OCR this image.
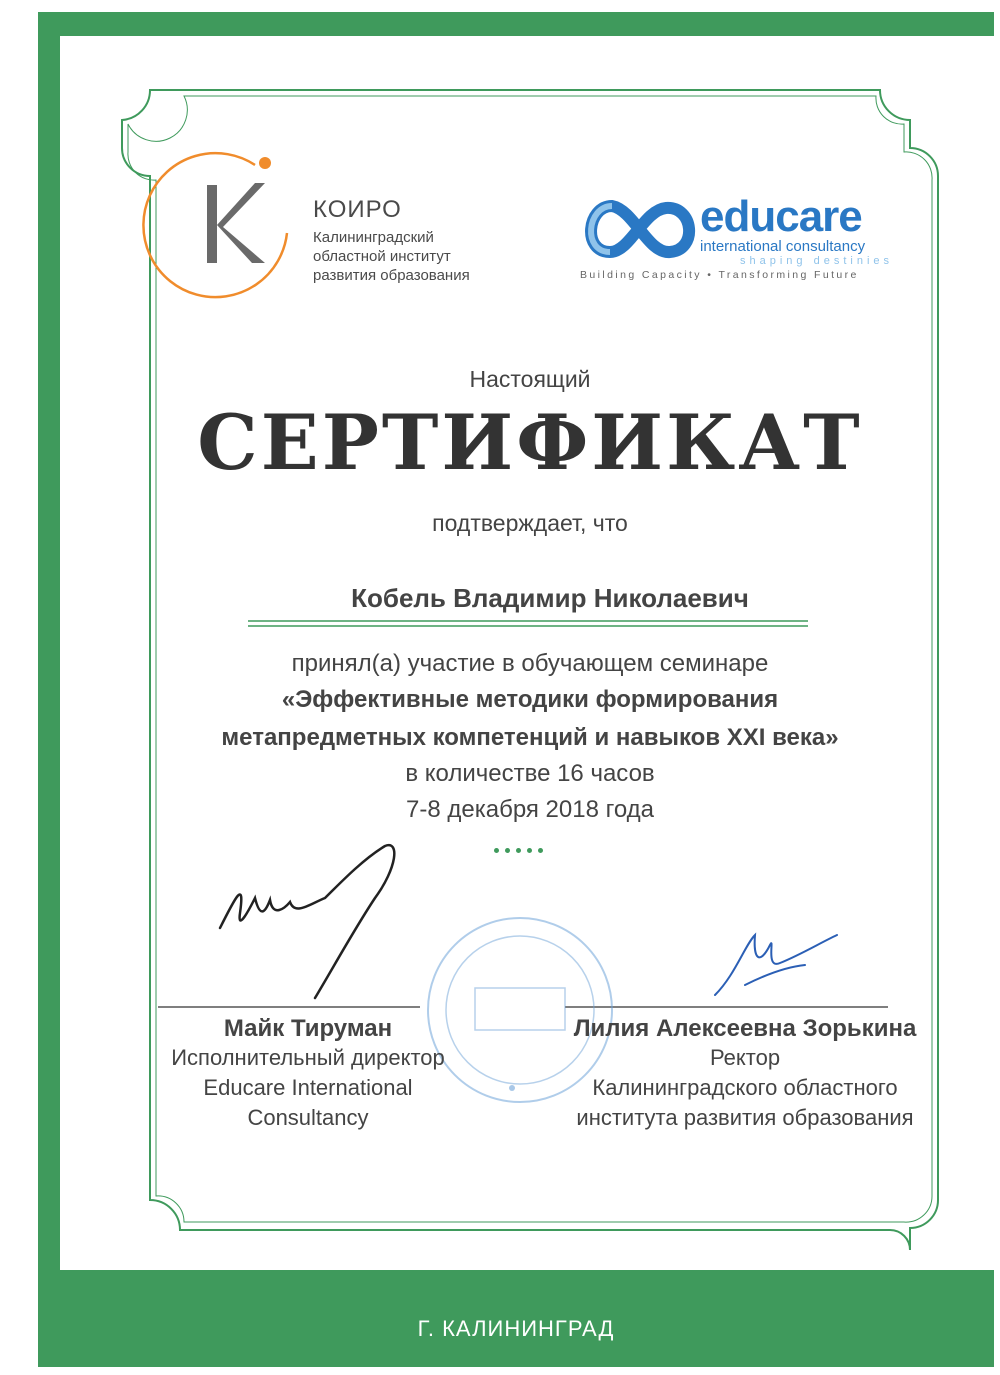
КОИРО
Калининградский
областной институт
развития образования
educare
international consultancy
shaping destinies
Building Capacity • Transforming Future
Настоящий
СЕРТИФИКАТ
подтверждает, что
Кобель Владимир Николаевич
принял(а) участие в обучающем семинаре
«Эффективные методики формирования
метапредметных компетенций и навыков XXI века»
в количестве 16 часов
7-8 декабря 2018 года
Майк Тируман
Исполнительный директор
Educare International
Consultancy
Лилия Алексеевна Зорькина
Ректор
Калининградского областного
института развития образования
Г. КАЛИНИНГРАД
